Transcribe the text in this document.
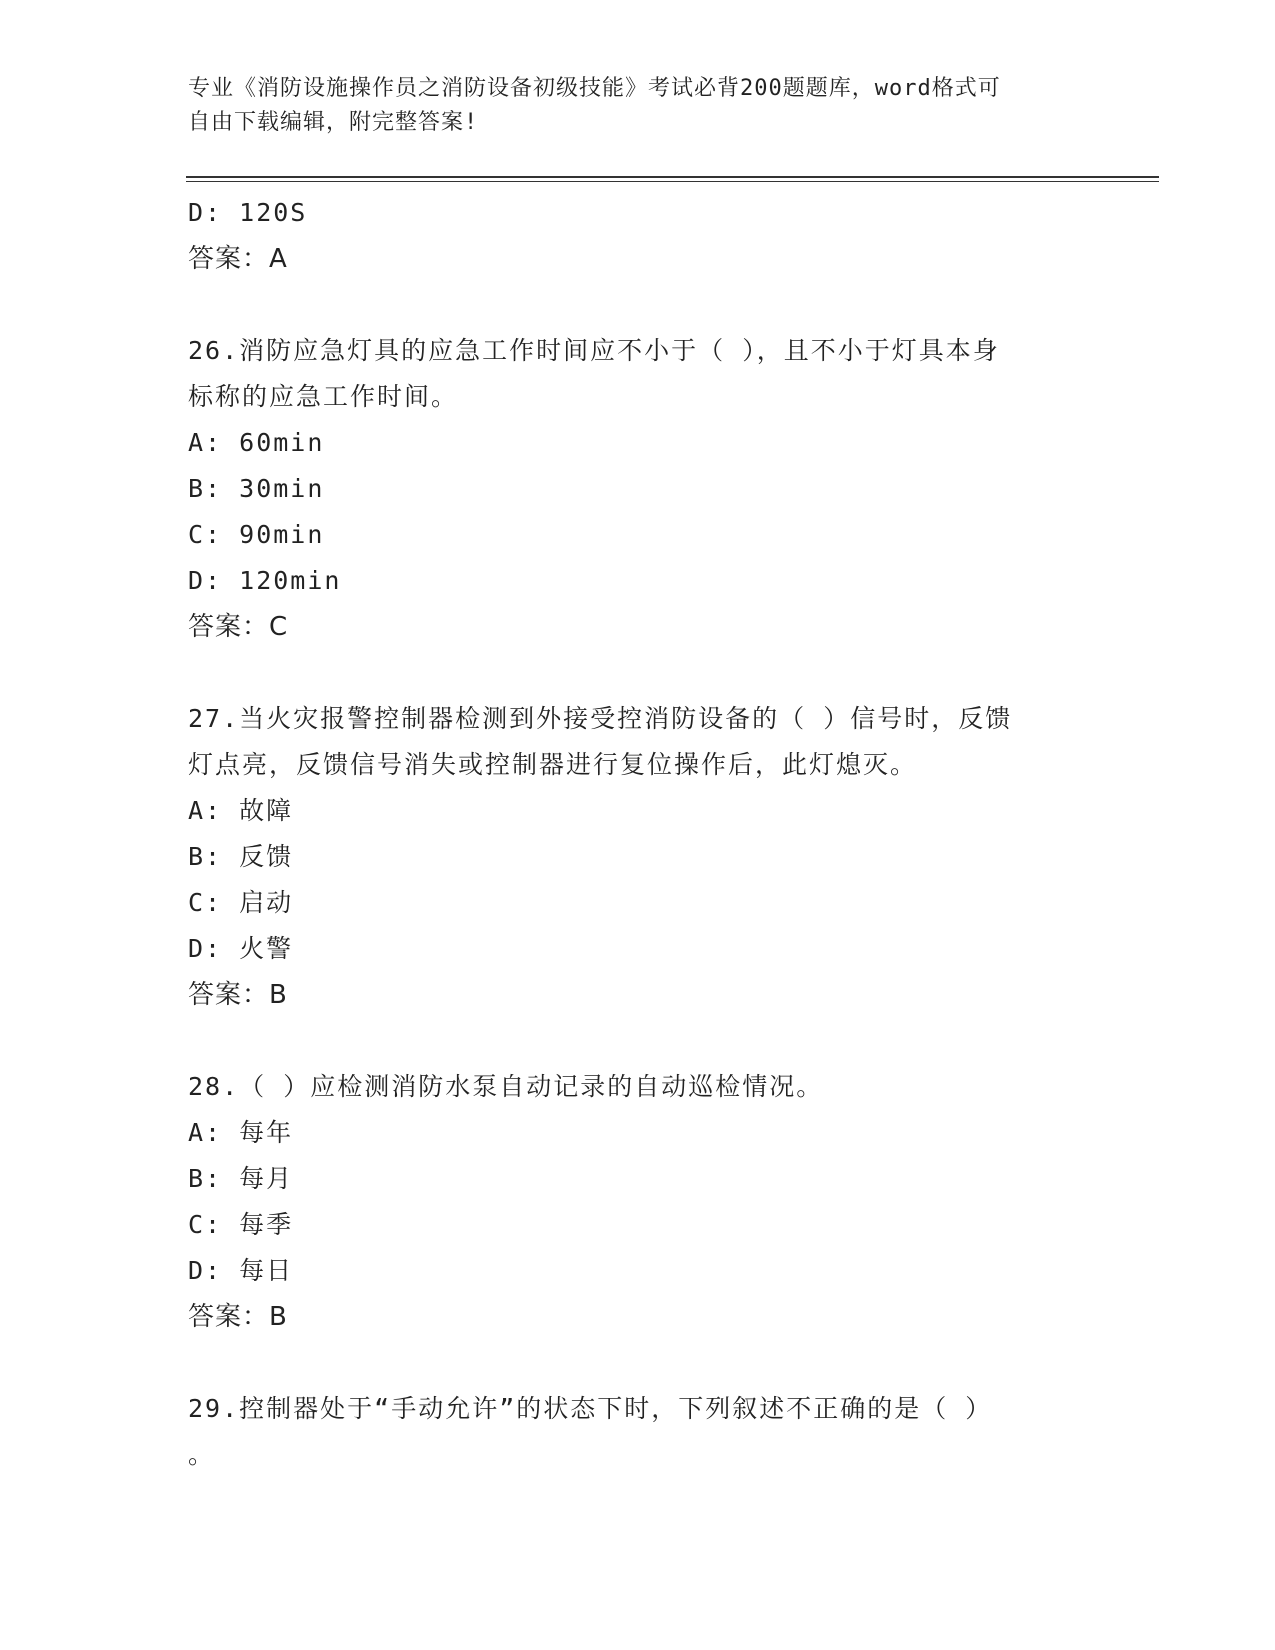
专业《消防设施操作员之消防设备初级技能》考试必背200题题库，word格式可
自由下载编辑，附完整答案!
D: 120S
答案：A
26.消防应急灯具的应急工作时间应不小于（ ），且不小于灯具本身
标称的应急工作时间。
A: 60min
B: 30min
C: 90min
D: 120min
答案：C
27.当火灾报警控制器检测到外接受控消防设备的（ ）信号时，反馈
灯点亮，反馈信号消失或控制器进行复位操作后，此灯熄灭。
A: 故障
B: 反馈
C: 启动
D: 火警
答案：B
28.（ ）应检测消防水泵自动记录的自动巡检情况。
A: 每年
B: 每月
C: 每季
D: 每日
答案：B
29.控制器处于“手动允许”的状态下时，下列叙述不正确的是（ ）
。
